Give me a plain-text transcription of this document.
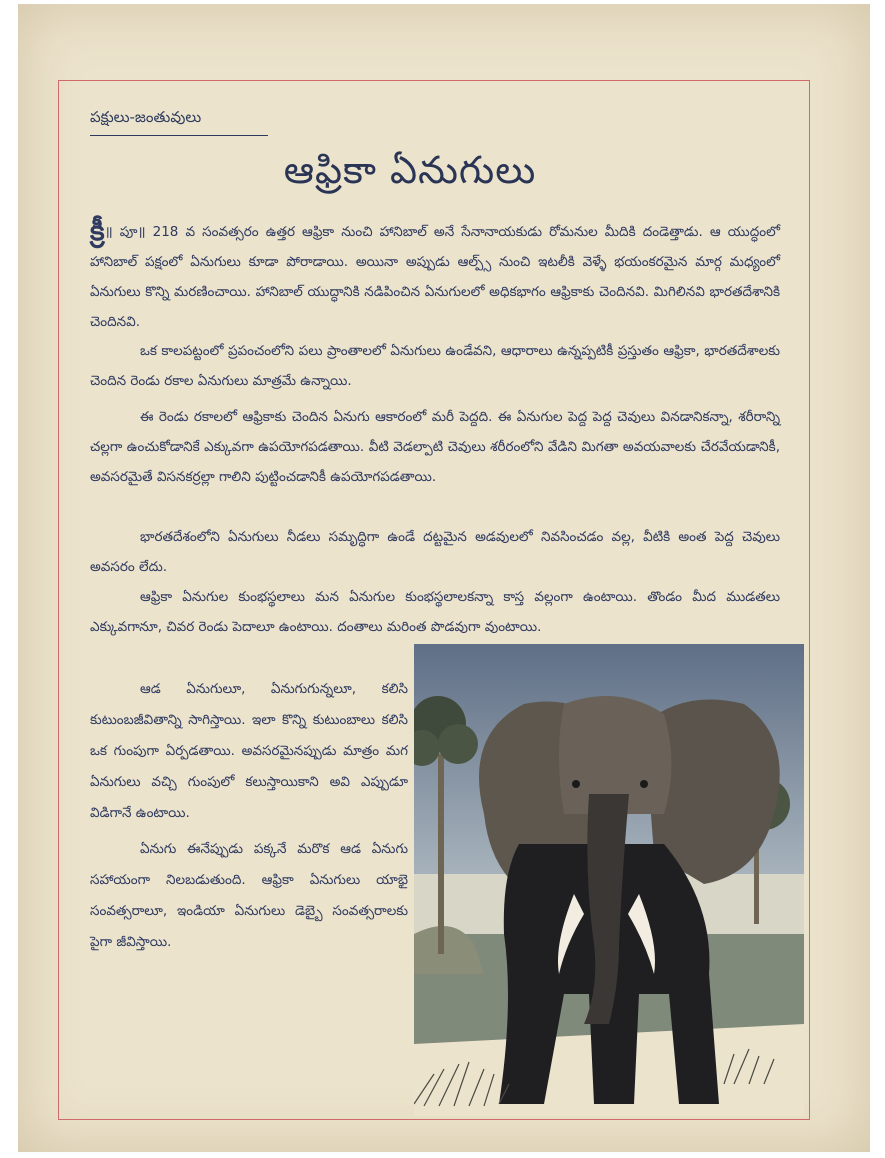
పక్షులు-జంతువులు
ఆఫ్రికా ఏనుగులు

క్రీ॥ పూ॥ 218 వ సంవత్సరం ఉత్తర ఆఫ్రికా నుంచి హానిబాల్ అనే సేనానాయకుడు రోమనుల మీదికి దండెత్తాడు. ఆ యుద్ధంలో హానిబాల్ పక్షంలో ఏనుగులు కూడా పోరాడాయి. అయినా అప్పుడు ఆల్ప్స్ నుంచి ఇటలీకి వెళ్ళే భయంకరమైన మార్గ మధ్యంలో ఏనుగులు కొన్ని మరణించాయి. హానిబాల్ యుద్ధానికి నడిపించిన ఏనుగులలో అధికభాగం ఆఫ్రికాకు చెందినవి. మిగిలినవి భారతదేశానికి చెందినవి.

ఒక కాలపట్టంలో ప్రపంచంలోని పలు ప్రాంతాలలో ఏనుగులు ఉండేవని, ఆధారాలు ఉన్నప్పటికీ ప్రస్తుతం ఆఫ్రికా, భారతదేశాలకు చెందిన రెండు రకాల ఏనుగులు మాత్రమే ఉన్నాయి.

ఈ రెండు రకాలలో ఆఫ్రికాకు చెందిన ఏనుగు ఆకారంలో మరీ పెద్దది. ఈ ఏనుగుల పెద్ద పెద్ద చెవులు వినడానికన్నా, శరీరాన్ని చల్లగా ఉంచుకోడానికే ఎక్కువగా ఉపయోగపడతాయి. వీటి వెడల్పాటి చెవులు శరీరంలోని వేడిని మిగతా అవయవాలకు చేరవేయడానికీ, అవసరమైతే విసనకర్రల్లా గాలిని పుట్టించడానికీ ఉపయోగపడతాయి.

భారతదేశంలోని ఏనుగులు నీడలు సమృద్ధిగా ఉండే దట్టమైన అడవులలో నివసించడం వల్ల, వీటికి అంత పెద్ద చెవులు అవసరం లేదు.

ఆఫ్రికా ఏనుగుల కుంభస్థలాలు మన ఏనుగుల కుంభస్థలాలకన్నా కాస్త వల్లంగా ఉంటాయి. తొండం మీద ముడతలు ఎక్కువగానూ, చివర రెండు పెదాలూ ఉంటాయి. దంతాలు మరింత పొడవుగా వుంటాయి.

ఆడ ఏనుగులూ, ఏనుగుగున్నలూ, కలిసి కుటుంబజీవితాన్ని సాగిస్తాయి. ఇలా కొన్ని కుటుంబాలు కలిసి ఒక గుంపుగా ఏర్పడతాయి. అవసరమైనప్పుడు మాత్రం మగ ఏనుగులు వచ్చి గుంపులో కలుస్తాయికాని అవి ఎప్పుడూ విడిగానే ఉంటాయి.

ఏనుగు ఈనేప్పుడు పక్కనే మరొక ఆడ ఏనుగు సహాయంగా నిలబడుతుంది. ఆఫ్రికా ఏనుగులు యాభై సంవత్సరాలూ, ఇండియా ఏనుగులు డెబ్బై సంవత్సరాలకు పైగా జీవిస్తాయి.
